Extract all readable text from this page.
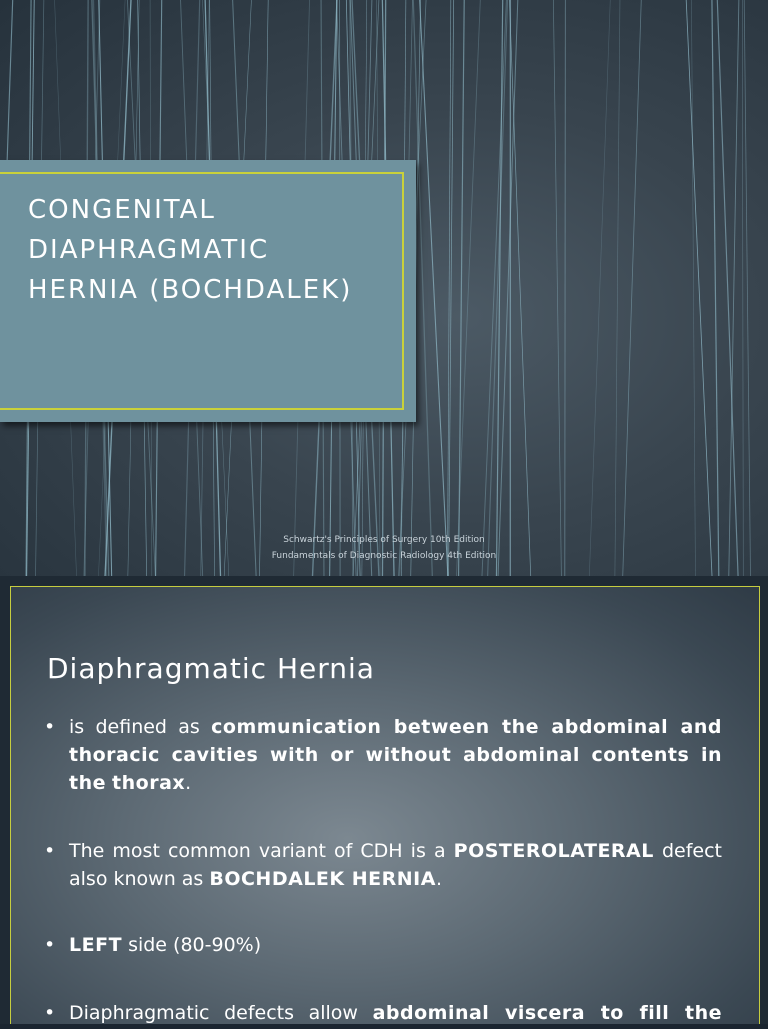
CONGENITAL
DIAPHRAGMATIC
HERNIA (BOCHDALEK)
Schwartz's Principles of Surgery 10th Edition
Fundamentals of Diagnostic Radiology 4th Edition
Diaphragmatic Hernia
• is defined as communication between the abdominal and thoracic cavities with or without abdominal contents in the thorax.
• The most common variant of CDH is a POSTEROLATERAL defect also known as BOCHDALEK HERNIA.
• LEFT side (80-90%)
• Diaphragmatic defects allow abdominal viscera to fill the
